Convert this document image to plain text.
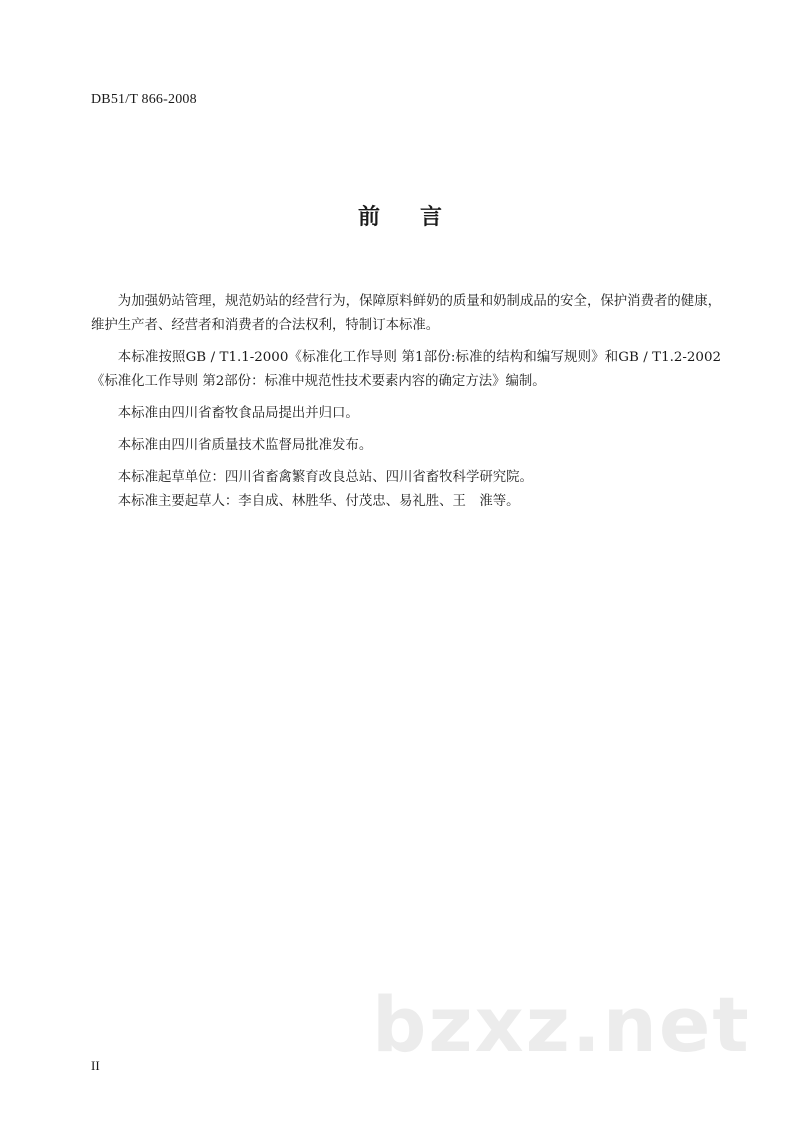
DB51/T 866-2008
前 言

为加强奶站管理，规范奶站的经营行为，保障原料鲜奶的质量和奶制成品的安全，保护消费者的健康，维护生产者、经营者和消费者的合法权利，特制订本标准。

本标准按照GB / T1.1-2000《标准化工作导则 第1部份:标准的结构和编写规则》和GB / T1.2-2002《标准化工作导则 第2部份：标准中规范性技术要素内容的确定方法》编制。

本标准由四川省畜牧食品局提出并归口。

本标准由四川省质量技术监督局批准发布。

本标准起草单位：四川省畜禽繁育改良总站、四川省畜牧科学研究院。

本标准主要起草人：李自成、林胜华、付茂忠、易礼胜、王　淮等。

bzxz.net
II
